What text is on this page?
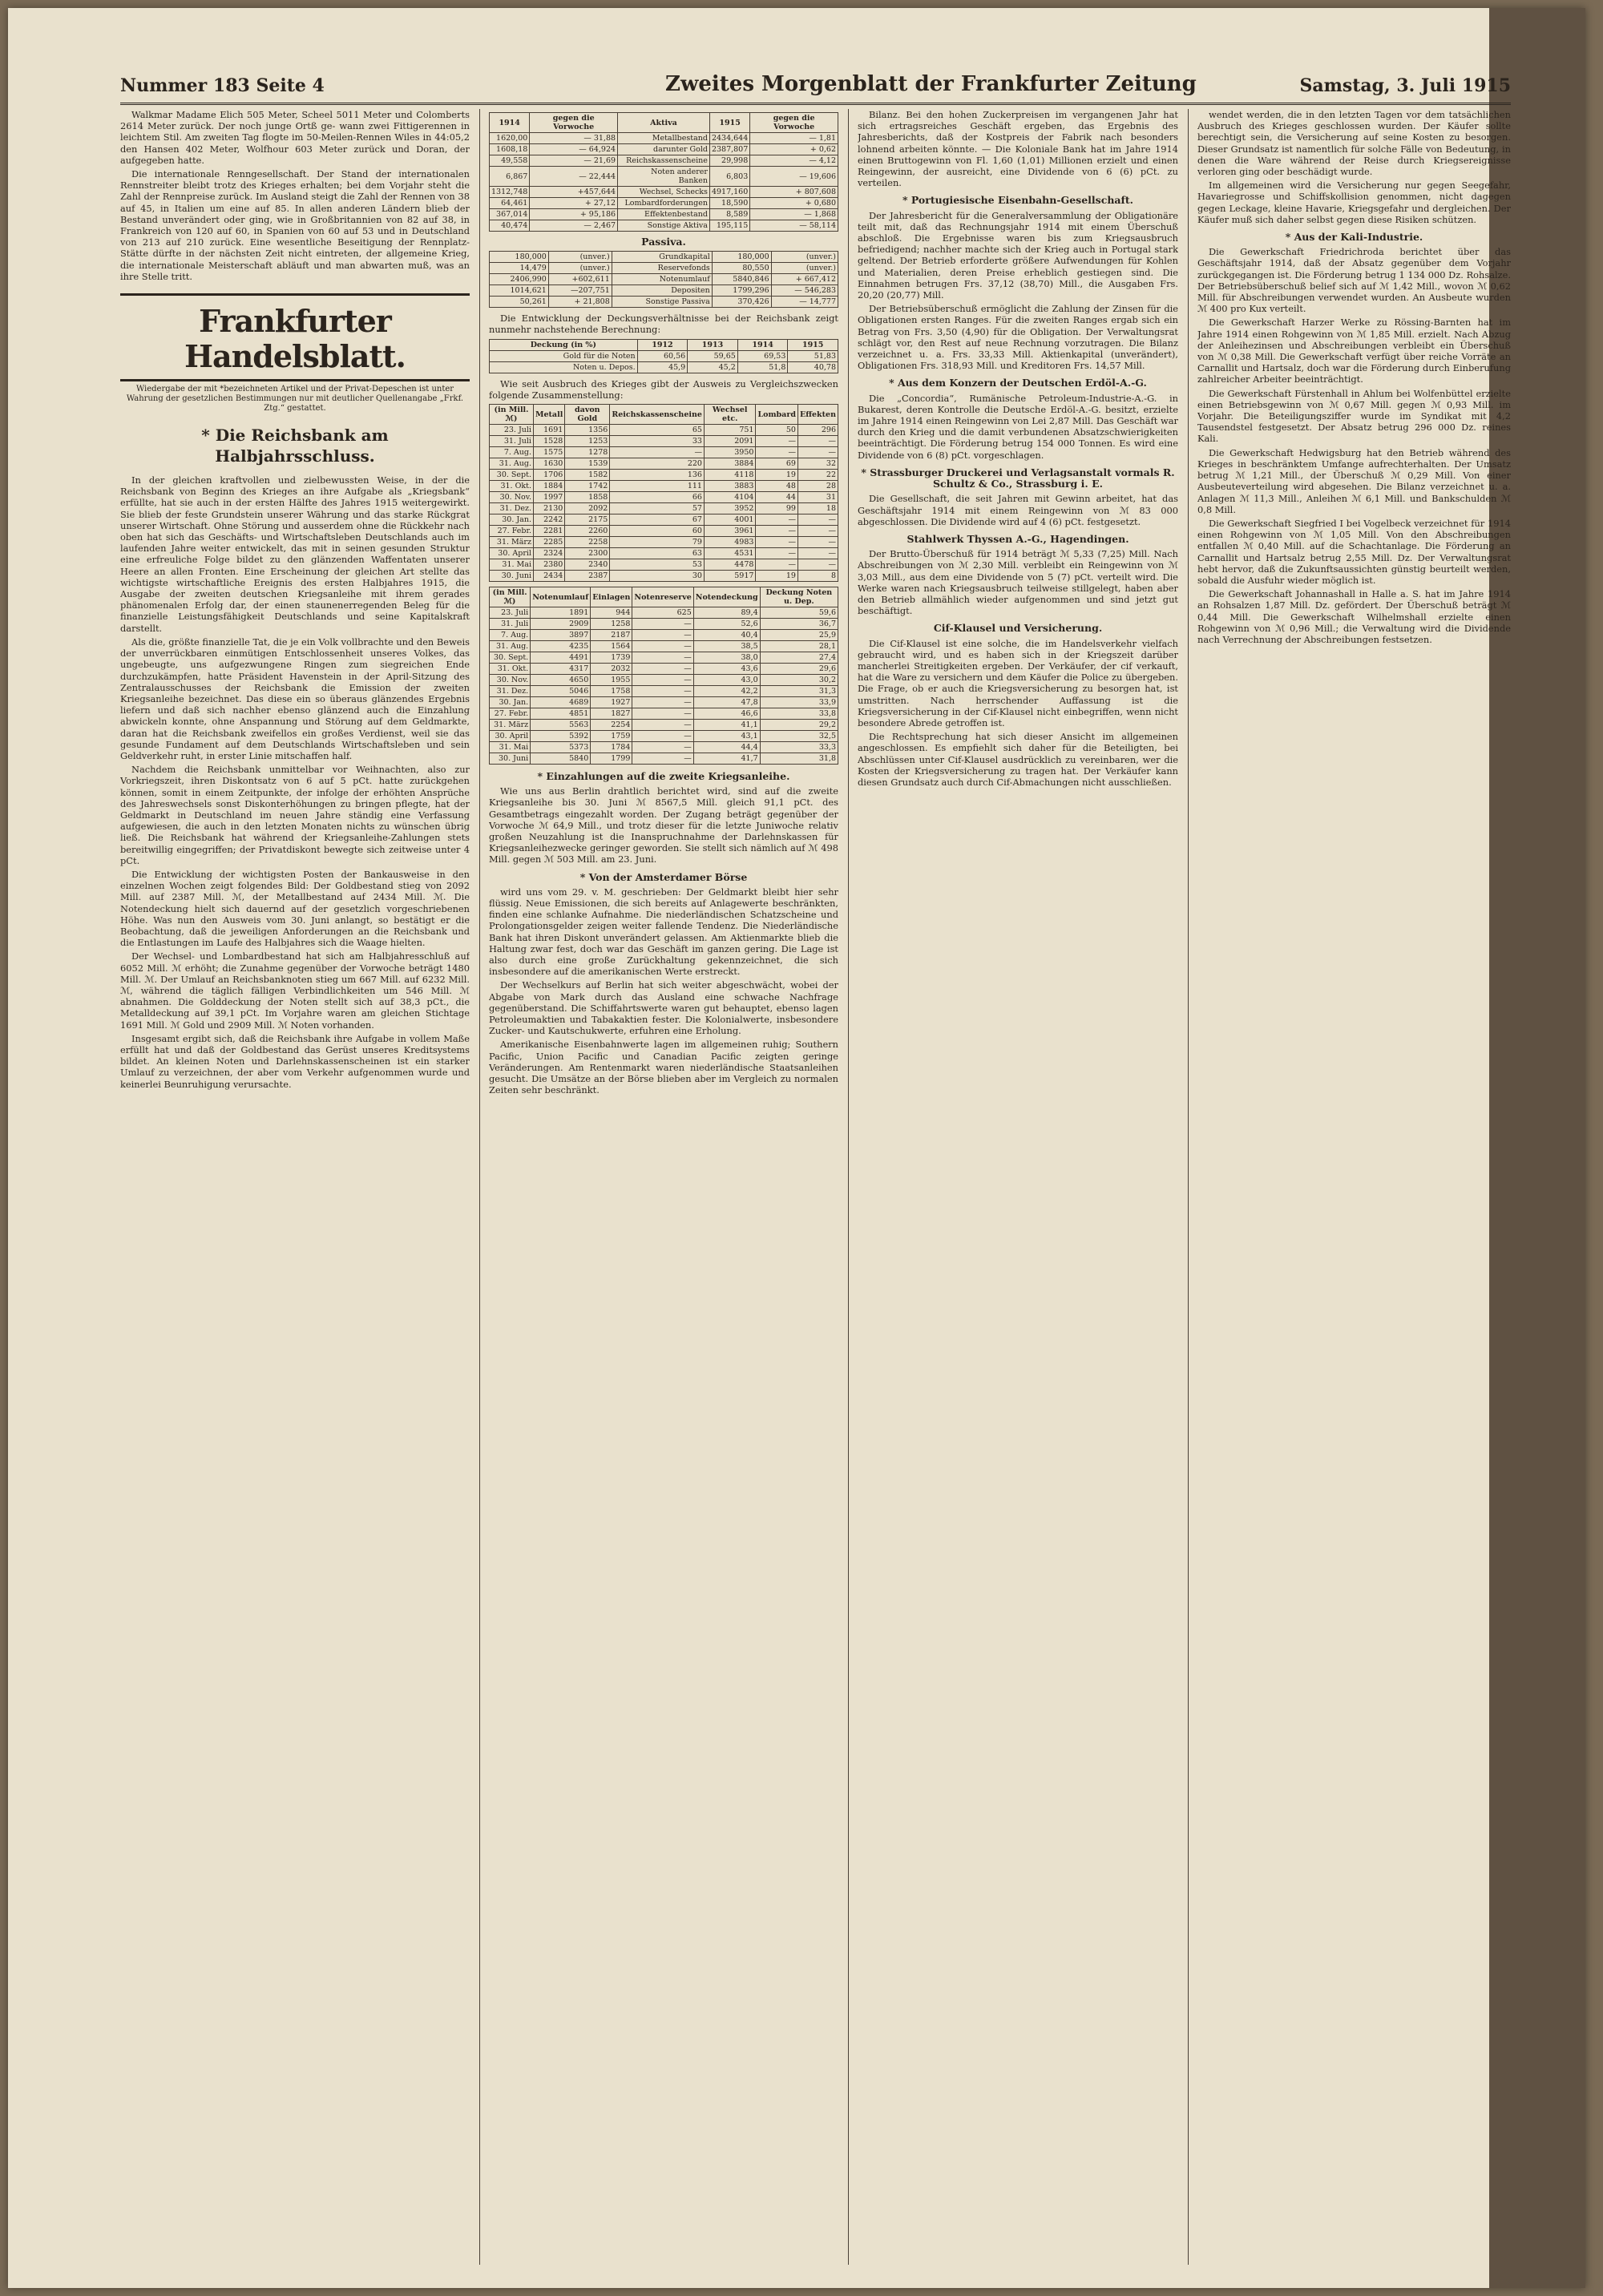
Nummer 183 Seite 4	Zweites Morgenblatt der Frankfurter Zeitung	Samstag, 3. Juli 1915

Walkmar Madame Elich 505 Meter, Scheel 5011 Meter und Colomberts 2614 Meter zurück. Der noch junge Ortß ge- wann zwei Fittigerennen in leichtem Stil. Am zweiten Tag flogte im 50-Meilen-Rennen Wiles in 44:05,2 den Hansen 402 Meter, Wolfhour 603 Meter zurück und Doran, der aufgegeben hatte.

Die internationale Renngesellschaft. Der Stand der internationalen Rennstreiter bleibt trotz des Krieges erhalten; bei dem Vorjahr steht die Zahl der Rennpreise zurück. Im Ausland steigt die Zahl der Rennen von 38 auf 45, in Italien um eine auf 85. In allen anderen Ländern blieb der Bestand unverändert oder ging, wie in Großbritannien von 82 auf 38, in Frankreich von 120 auf 60, in Spanien von 60 auf 53 und in Deutschland von 213 auf 210 zurück. Eine wesentliche Beseitigung der Rennplatz-Stätte dürfte in der nächsten Zeit nicht eintreten, der allgemeine Krieg, die internationale Meisterschaft abläuft und man abwarten muß, was an ihre Stelle tritt.

Frankfurter Handelsblatt.
Wiedergabe der mit *bezeichneten Artikel und der Privat-Depeschen ist unter Wahrung der gesetzlichen Bestimmungen nur mit deutlicher Quellenangabe „Frkf. Ztg.“ gestattet.
* Die Reichsbank am Halbjahrsschluss.

In der gleichen kraftvollen und zielbewussten Weise, in der die Reichsbank von Beginn des Krieges an ihre Aufgabe als „Kriegsbank“ erfüllte, hat sie auch in der ersten Hälfte des Jahres 1915 weitergewirkt. Sie blieb der feste Grundstein unserer Währung und das starke Rückgrat unserer Wirtschaft. Ohne Störung und ausserdem ohne die Rückkehr nach oben hat sich das Geschäfts- und Wirtschaftsleben Deutschlands auch im laufenden Jahre weiter entwickelt, das mit in seinen gesunden Struktur eine erfreuliche Folge bildet zu den glänzenden Waffentaten unserer Heere an allen Fronten. Eine Erscheinung der gleichen Art stellte das wichtigste wirtschaftliche Ereignis des ersten Halbjahres 1915, die Ausgabe der zweiten deutschen Kriegsanleihe mit ihrem gerades phänomenalen Erfolg dar, der einen staunenerregenden Beleg für die finanzielle Leistungsfähigkeit Deutschlands und seine Kapitalskraft darstellt.

Als die, größte finanzielle Tat, die je ein Volk vollbrachte und den Beweis der unverrückbaren einmütigen Entschlossenheit unseres Volkes, das ungebeugte, uns aufgezwungene Ringen zum siegreichen Ende durchzukämpfen, hatte Präsident Havenstein in der April-Sitzung des Zentralausschusses der Reichsbank die Emission der zweiten Kriegsanleihe bezeichnet. Das diese ein so überaus glänzendes Ergebnis liefern und daß sich nachher ebenso glänzend auch die Einzahlung abwickeln konnte, ohne Anspannung und Störung auf dem Geldmarkte, daran hat die Reichsbank zweifellos ein großes Verdienst, weil sie das gesunde Fundament auf dem Deutschlands Wirtschaftsleben und sein Geldverkehr ruht, in erster Linie mitschaffen half.

Nachdem die Reichsbank unmittelbar vor Weihnachten, also zur Vorkriegszeit, ihren Diskontsatz von 6 auf 5 pCt. hatte zurückgehen können, somit in einem Zeitpunkte, der infolge der erhöhten Ansprüche des Jahreswechsels sonst Diskonterhöhungen zu bringen pflegte, hat der Geldmarkt in Deutschland im neuen Jahre ständig eine Verfassung aufgewiesen, die auch in den letzten Monaten nichts zu wünschen übrig ließ. Die Reichsbank hat während der Kriegsanleihe-Zahlungen stets bereitwillig eingegriffen; der Privatdiskont bewegte sich zeitweise unter 4 pCt.

Die Entwicklung der wichtigsten Posten der Bankausweise in den einzelnen Wochen zeigt folgendes Bild: Der Goldbestand stieg von 2092 Mill. auf 2387 Mill. ℳ, der Metallbestand auf 2434 Mill. ℳ. Die Notendeckung hielt sich dauernd auf der gesetzlich vorgeschriebenen Höhe. Was nun den Ausweis vom 30. Juni anlangt, so bestätigt er die Beobachtung, daß die jeweiligen Anforderungen an die Reichsbank und die Entlastungen im Laufe des Halbjahres sich die Waage hielten.

Der Wechsel- und Lombardbestand hat sich am Halbjahresschluß auf 6052 Mill. ℳ erhöht; die Zunahme gegenüber der Vorwoche beträgt 1480 Mill. ℳ. Der Umlauf an Reichsbanknoten stieg um 667 Mill. auf 6232 Mill. ℳ, während die täglich fälligen Verbindlichkeiten um 546 Mill. ℳ abnahmen. Die Golddeckung der Noten stellt sich auf 38,3 pCt., die Metalldeckung auf 39,1 pCt. Im Vorjahre waren am gleichen Stichtage 1691 Mill. ℳ Gold und 2909 Mill. ℳ Noten vorhanden.

Insgesamt ergibt sich, daß die Reichsbank ihre Aufgabe in vollem Maße erfüllt hat und daß der Goldbestand das Gerüst unseres Kreditsystems bildet. An kleinen Noten und Darlehnskassenscheinen ist ein starker Umlauf zu verzeichnen, der aber vom Verkehr aufgenommen wurde und keinerlei Beunruhigung verursachte.

1914	gegen die Vorwoche	Aktiva	1915	gegen die Vorwoche
1620,00	— 31,88	Metallbestand	2434,644	— 1,81
1608,18	— 64,924	darunter Gold	2387,807	+ 0,62
49,558	— 21,69	Reichskassenscheine	29,998	— 4,12
6,867	— 22,444	Noten anderer Banken	6,803	— 19,606
1312,748	+457,644	Wechsel, Schecks	4917,160	+ 807,608
64,461	+ 27,12	Lombardforderungen	18,590	+ 0,680
367,014	+ 95,186	Effektenbestand	8,589	— 1,868
40,474	— 2,467	Sonstige Aktiva	195,115	— 58,114
Passiva.
180,000	(unver.)	Grundkapital	180,000	(unver.)
14,479	(unver.)	Reservefonds	80,550	(unver.)
2406,990	+602,611	Notenumlauf	5840,846	+ 667,412
1014,621	—207,751	Depositen	1799,296	— 546,283
50,261	+ 21,808	Sonstige Passiva	370,426	— 14,777

Die Entwicklung der Deckungsverhältnisse bei der Reichsbank zeigt nunmehr nachstehende Berechnung:

Deckung (in %)	1912	1913	1914	1915
Gold für die Noten	60,56	59,65	69,53	51,83
Noten u. Depos.	45,9	45,2	51,8	40,78

Wie seit Ausbruch des Krieges gibt der Ausweis zu Vergleichszwecken folgende Zusammenstellung:

(in Mill. ℳ)	Metall	davon Gold	Reichskassenscheine	Wechsel etc.	Lombard	Effekten
23. Juli	1691	1356	65	751	50	296
31. Juli	1528	1253	33	2091	—	—
7. Aug.	1575	1278	—	3950	—	—
31. Aug.	1630	1539	220	3884	69	32
30. Sept.	1706	1582	136	4118	19	22
31. Okt.	1884	1742	111	3883	48	28
30. Nov.	1997	1858	66	4104	44	31
31. Dez.	2130	2092	57	3952	99	18
30. Jan.	2242	2175	67	4001	—	—
27. Febr.	2281	2260	60	3961	—	—
31. März	2285	2258	79	4983	—	—
30. April	2324	2300	63	4531	—	—
31. Mai	2380	2340	53	4478	—	—
30. Juni	2434	2387	30	5917	19	8
(in Mill. ℳ)	Notenumlauf	Einlagen	Notenreserve	Notendeckung	Deckung Noten u. Dep.
23. Juli	1891	944	625	89,4	59,6
31. Juli	2909	1258	—	52,6	36,7
7. Aug.	3897	2187	—	40,4	25,9
31. Aug.	4235	1564	—	38,5	28,1
30. Sept.	4491	1739	—	38,0	27,4
31. Okt.	4317	2032	—	43,6	29,6
30. Nov.	4650	1955	—	43,0	30,2
31. Dez.	5046	1758	—	42,2	31,3
30. Jan.	4689	1927	—	47,8	33,9
27. Febr.	4851	1827	—	46,6	33,8
31. März	5563	2254	—	41,1	29,2
30. April	5392	1759	—	43,1	32,5
31. Mai	5373	1784	—	44,4	33,3
30. Juni	5840	1799	—	41,7	31,8
* Einzahlungen auf die zweite Kriegsanleihe.

Wie uns aus Berlin drahtlich berichtet wird, sind auf die zweite Kriegsanleihe bis 30. Juni ℳ 8567,5 Mill. gleich 91,1 pCt. des Gesamtbetrags eingezahlt worden. Der Zugang beträgt gegenüber der Vorwoche ℳ 64,9 Mill., und trotz dieser für die letzte Juniwoche relativ großen Neuzahlung ist die Inanspruchnahme der Darlehnskassen für Kriegsanleihezwecke geringer geworden. Sie stellt sich nämlich auf ℳ 498 Mill. gegen ℳ 503 Mill. am 23. Juni.

* Von der Amsterdamer Börse

wird uns vom 29. v. M. geschrieben: Der Geldmarkt bleibt hier sehr flüssig. Neue Emissionen, die sich bereits auf Anlagewerte beschränkten, finden eine schlanke Aufnahme. Die niederländischen Schatzscheine und Prolongationsgelder zeigen weiter fallende Tendenz. Die Niederländische Bank hat ihren Diskont unverändert gelassen. Am Aktienmarkte blieb die Haltung zwar fest, doch war das Geschäft im ganzen gering. Die Lage ist also durch eine große Zurückhaltung gekennzeichnet, die sich insbesondere auf die amerikanischen Werte erstreckt.

Der Wechselkurs auf Berlin hat sich weiter abgeschwächt, wobei der Abgabe von Mark durch das Ausland eine schwache Nachfrage gegenüberstand. Die Schiffahrtswerte waren gut behauptet, ebenso lagen Petroleumaktien und Tabakaktien fester. Die Kolonialwerte, insbesondere Zucker- und Kautschukwerte, erfuhren eine Erholung.

Amerikanische Eisenbahnwerte lagen im allgemeinen ruhig; Southern Pacific, Union Pacific und Canadian Pacific zeigten geringe Veränderungen. Am Rentenmarkt waren niederländische Staatsanleihen gesucht. Die Umsätze an der Börse blieben aber im Vergleich zu normalen Zeiten sehr beschränkt.

Bilanz. Bei den hohen Zuckerpreisen im vergangenen Jahr hat sich ertragsreiches Geschäft ergeben, das Ergebnis des Jahresberichts, daß der Kostpreis der Fabrik nach besonders lohnend arbeiten könnte. — Die Koloniale Bank hat im Jahre 1914 einen Bruttogewinn von Fl. 1,60 (1,01) Millionen erzielt und einen Reingewinn, der ausreicht, eine Dividende von 6 (6) pCt. zu verteilen.

* Portugiesische Eisenbahn-Gesellschaft.

Der Jahresbericht für die Generalversammlung der Obligationäre teilt mit, daß das Rechnungsjahr 1914 mit einem Überschuß abschloß. Die Ergebnisse waren bis zum Kriegsausbruch befriedigend; nachher machte sich der Krieg auch in Portugal stark geltend. Der Betrieb erforderte größere Aufwendungen für Kohlen und Materialien, deren Preise erheblich gestiegen sind. Die Einnahmen betrugen Frs. 37,12 (38,70) Mill., die Ausgaben Frs. 20,20 (20,77) Mill.

Der Betriebsüberschuß ermöglicht die Zahlung der Zinsen für die Obligationen ersten Ranges. Für die zweiten Ranges ergab sich ein Betrag von Frs. 3,50 (4,90) für die Obligation. Der Verwaltungsrat schlägt vor, den Rest auf neue Rechnung vorzutragen. Die Bilanz verzeichnet u. a. Frs. 33,33 Mill. Aktienkapital (unverändert), Obligationen Frs. 318,93 Mill. und Kreditoren Frs. 14,57 Mill.

* Aus dem Konzern der Deutschen Erdöl-A.-G.

Die „Concordia“, Rumänische Petroleum-Industrie-A.-G. in Bukarest, deren Kontrolle die Deutsche Erdöl-A.-G. besitzt, erzielte im Jahre 1914 einen Reingewinn von Lei 2,87 Mill. Das Geschäft war durch den Krieg und die damit verbundenen Absatzschwierigkeiten beeinträchtigt. Die Förderung betrug 154 000 Tonnen. Es wird eine Dividende von 6 (8) pCt. vorgeschlagen.

* Strassburger Druckerei und Verlagsanstalt vormals R. Schultz & Co., Strassburg i. E.

Die Gesellschaft, die seit Jahren mit Gewinn arbeitet, hat das Geschäftsjahr 1914 mit einem Reingewinn von ℳ 83 000 abgeschlossen. Die Dividende wird auf 4 (6) pCt. festgesetzt.

Stahlwerk Thyssen A.-G., Hagendingen.

Der Brutto-Überschuß für 1914 beträgt ℳ 5,33 (7,25) Mill. Nach Abschreibungen von ℳ 2,30 Mill. verbleibt ein Reingewinn von ℳ 3,03 Mill., aus dem eine Dividende von 5 (7) pCt. verteilt wird. Die Werke waren nach Kriegsausbruch teilweise stillgelegt, haben aber den Betrieb allmählich wieder aufgenommen und sind jetzt gut beschäftigt.

Cif-Klausel und Versicherung.

Die Cif-Klausel ist eine solche, die im Handelsverkehr vielfach gebraucht wird, und es haben sich in der Kriegszeit darüber mancherlei Streitigkeiten ergeben. Der Verkäufer, der cif verkauft, hat die Ware zu versichern und dem Käufer die Police zu übergeben. Die Frage, ob er auch die Kriegsversicherung zu besorgen hat, ist umstritten. Nach herrschender Auffassung ist die Kriegsversicherung in der Cif-Klausel nicht einbegriffen, wenn nicht besondere Abrede getroffen ist.

Die Rechtsprechung hat sich dieser Ansicht im allgemeinen angeschlossen. Es empfiehlt sich daher für die Beteiligten, bei Abschlüssen unter Cif-Klausel ausdrücklich zu vereinbaren, wer die Kosten der Kriegsversicherung zu tragen hat. Der Verkäufer kann diesen Grundsatz auch durch Cif-Abmachungen nicht ausschließen.

wendet werden, die in den letzten Tagen vor dem tatsächlichen Ausbruch des Krieges geschlossen wurden. Der Käufer sollte berechtigt sein, die Versicherung auf seine Kosten zu besorgen. Dieser Grundsatz ist namentlich für solche Fälle von Bedeutung, in denen die Ware während der Reise durch Kriegsereignisse verloren ging oder beschädigt wurde.

Im allgemeinen wird die Versicherung nur gegen Seegefahr, Havariegrosse und Schiffskollision genommen, nicht dagegen gegen Leckage, kleine Havarie, Kriegsgefahr und dergleichen. Der Käufer muß sich daher selbst gegen diese Risiken schützen.

* Aus der Kali-Industrie.

Die Gewerkschaft Friedrichroda berichtet über das Geschäftsjahr 1914, daß der Absatz gegenüber dem Vorjahr zurückgegangen ist. Die Förderung betrug 1 134 000 Dz. Rohsalze. Der Betriebsüberschuß belief sich auf ℳ 1,42 Mill., wovon ℳ 0,62 Mill. für Abschreibungen verwendet wurden. An Ausbeute wurden ℳ 400 pro Kux verteilt.

Die Gewerkschaft Harzer Werke zu Rössing-Barnten hat im Jahre 1914 einen Rohgewinn von ℳ 1,85 Mill. erzielt. Nach Abzug der Anleihezinsen und Abschreibungen verbleibt ein Überschuß von ℳ 0,38 Mill. Die Gewerkschaft verfügt über reiche Vorräte an Carnallit und Hartsalz, doch war die Förderung durch Einberufung zahlreicher Arbeiter beeinträchtigt.

Die Gewerkschaft Fürstenhall in Ahlum bei Wolfenbüttel erzielte einen Betriebsgewinn von ℳ 0,67 Mill. gegen ℳ 0,93 Mill. im Vorjahr. Die Beteiligungsziffer wurde im Syndikat mit 4,2 Tausendstel festgesetzt. Der Absatz betrug 296 000 Dz. reines Kali.

Die Gewerkschaft Hedwigsburg hat den Betrieb während des Krieges in beschränktem Umfange aufrechterhalten. Der Umsatz betrug ℳ 1,21 Mill., der Überschuß ℳ 0,29 Mill. Von einer Ausbeuteverteilung wird abgesehen. Die Bilanz verzeichnet u. a. Anlagen ℳ 11,3 Mill., Anleihen ℳ 6,1 Mill. und Bankschulden ℳ 0,8 Mill.

Die Gewerkschaft Siegfried I bei Vogelbeck verzeichnet für 1914 einen Rohgewinn von ℳ 1,05 Mill. Von den Abschreibungen entfallen ℳ 0,40 Mill. auf die Schachtanlage. Die Förderung an Carnallit und Hartsalz betrug 2,55 Mill. Dz. Der Verwaltungsrat hebt hervor, daß die Zukunftsaussichten günstig beurteilt werden, sobald die Ausfuhr wieder möglich ist.

Die Gewerkschaft Johannashall in Halle a. S. hat im Jahre 1914 an Rohsalzen 1,87 Mill. Dz. gefördert. Der Überschuß beträgt ℳ 0,44 Mill. Die Gewerkschaft Wilhelmshall erzielte einen Rohgewinn von ℳ 0,96 Mill.; die Verwaltung wird die Dividende nach Verrechnung der Abschreibungen festsetzen.
